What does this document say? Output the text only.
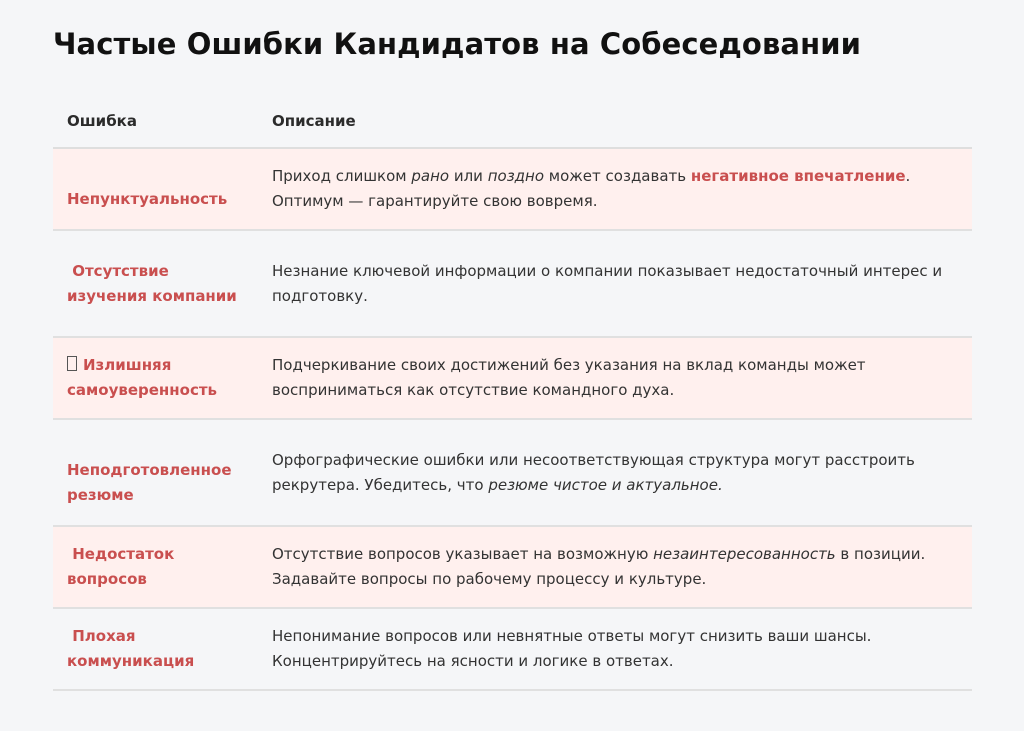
Частые Ошибки Кандидатов на Собеседовании
Ошибка	Описание
Непунктуальность	Приход слишком рано или поздно может создавать негативное впечатление. Оптимум — гарантируйте свою вовремя.
Отсутствие изучения компании	Незнание ключевой информации о компании показывает недостаточный интерес и подготовку.
Излишняя самоуверенность	Подчеркивание своих достижений без указания на вклад команды может восприниматься как отсутствие командного духа.
Неподготовленное резюме	Орфографические ошибки или несоответствующая структура могут расстроить рекрутера. Убедитесь, что резюме чистое и актуальное.
Недостаток вопросов	Отсутствие вопросов указывает на возможную незаинтересованность в позиции. Задавайте вопросы по рабочему процессу и культуре.
Плохая коммуникация	Непонимание вопросов или невнятные ответы могут снизить ваши шансы. Концентрируйтесь на ясности и логике в ответах.
